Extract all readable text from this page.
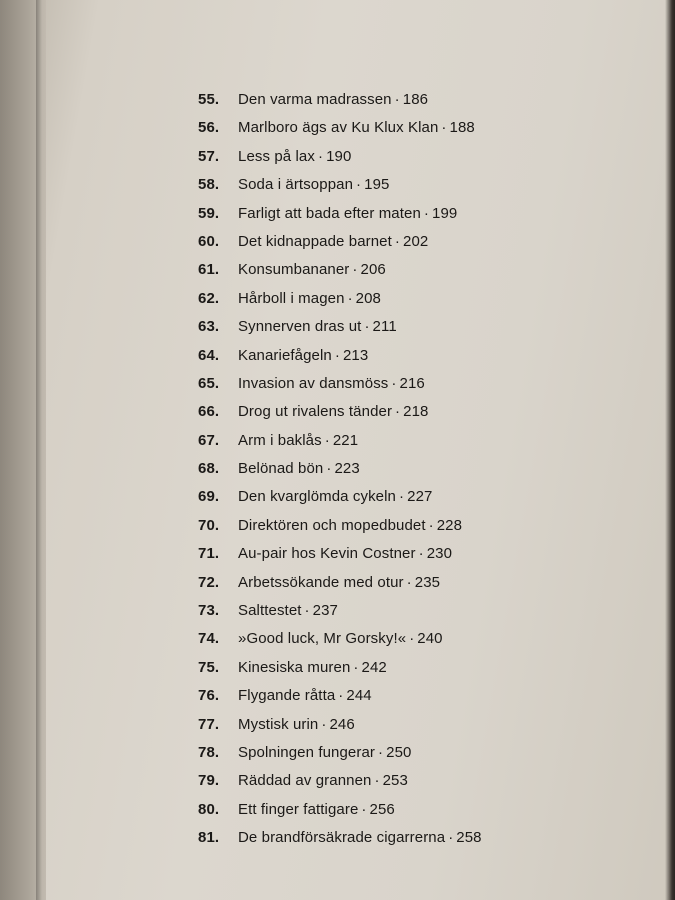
55. Den varma madrassen · 186
56. Marlboro ägs av Ku Klux Klan · 188
57. Less på lax · 190
58. Soda i ärtsoppan · 195
59. Farligt att bada efter maten · 199
60. Det kidnappade barnet · 202
61. Konsumbananer · 206
62. Hårboll i magen · 208
63. Synnerven dras ut · 211
64. Kanariefågeln · 213
65. Invasion av dansmöss · 216
66. Drog ut rivalens tänder · 218
67. Arm i baklås · 221
68. Belönad bön · 223
69. Den kvarglömda cykeln · 227
70. Direktören och mopedbudet · 228
71. Au-pair hos Kevin Costner · 230
72. Arbetssökande med otur · 235
73. Salttestet · 237
74. »Good luck, Mr Gorsky!« · 240
75. Kinesiska muren · 242
76. Flygande råtta · 244
77. Mystisk urin · 246
78. Spolningen fungerar · 250
79. Räddad av grannen · 253
80. Ett finger fattigare · 256
81. De brandförsäkrade cigarrerna · 258
